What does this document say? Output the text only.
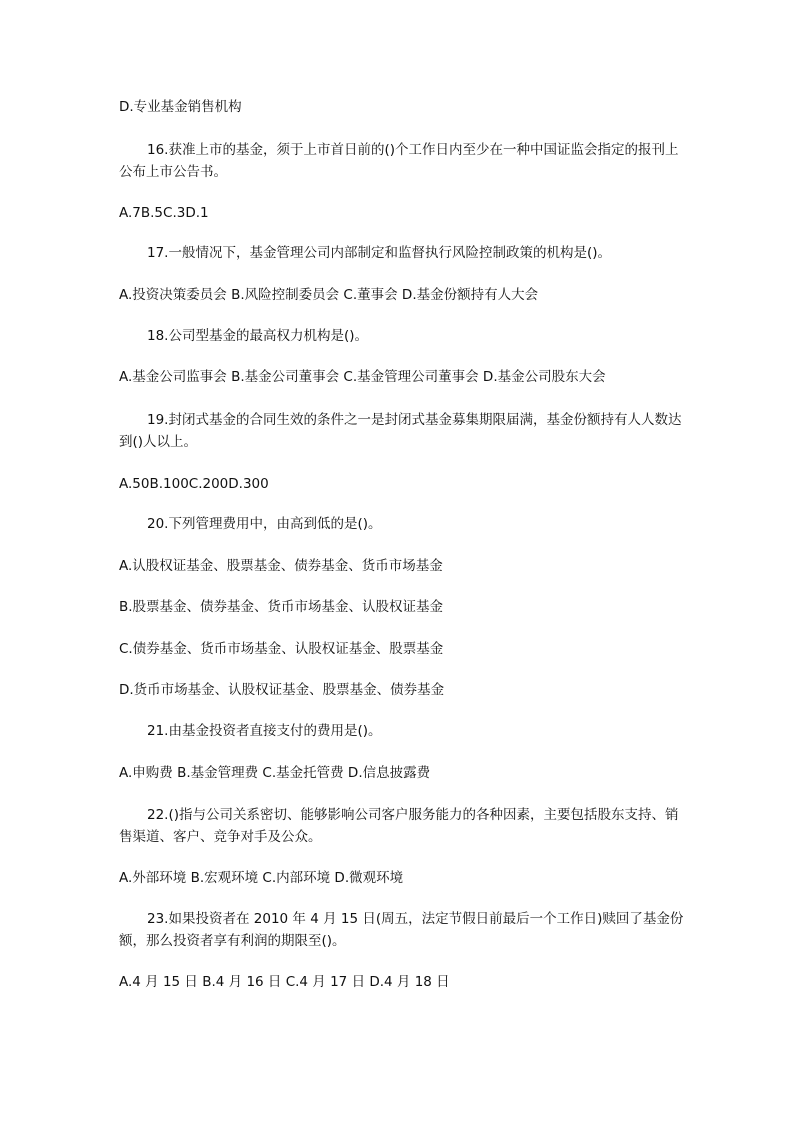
D.专业基金销售机构

16.获准上市的基金，须于上市首日前的()个工作日内至少在一种中国证监会指定的报刊上公布上市公告书。

A.7B.5C.3D.1

17.一般情况下，基金管理公司内部制定和监督执行风险控制政策的机构是()。

A.投资决策委员会 B.风险控制委员会 C.董事会 D.基金份额持有人大会

18.公司型基金的最高权力机构是()。

A.基金公司监事会 B.基金公司董事会 C.基金管理公司董事会 D.基金公司股东大会

19.封闭式基金的合同生效的条件之一是封闭式基金募集期限届满，基金份额持有人人数达到()人以上。

A.50B.100C.200D.300

20.下列管理费用中，由高到低的是()。

A.认股权证基金、股票基金、债券基金、货币市场基金

B.股票基金、债券基金、货币市场基金、认股权证基金

C.债券基金、货币市场基金、认股权证基金、股票基金

D.货币市场基金、认股权证基金、股票基金、债券基金

21.由基金投资者直接支付的费用是()。

A.申购费 B.基金管理费 C.基金托管费 D.信息披露费

22.()指与公司关系密切、能够影响公司客户服务能力的各种因素，主要包括股东支持、销售渠道、客户、竞争对手及公众。

A.外部环境 B.宏观环境 C.内部环境 D.微观环境

23.如果投资者在 2010 年 4 月 15 日(周五，法定节假日前最后一个工作日)赎回了基金份额，那么投资者享有利润的期限至()。

A.4 月 15 日 B.4 月 16 日 C.4 月 17 日 D.4 月 18 日
